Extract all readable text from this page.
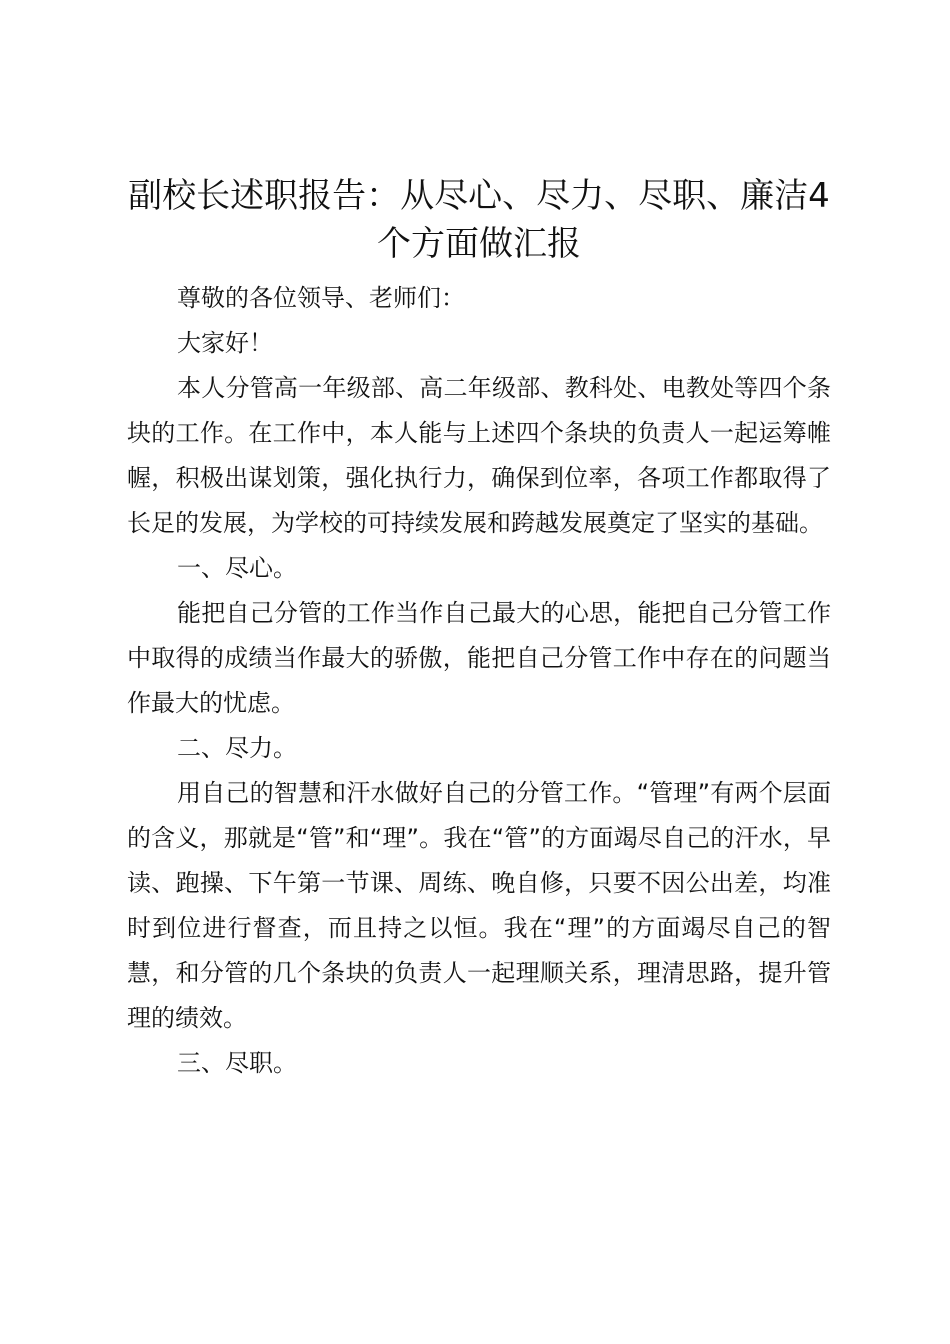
副校长述职报告：从尽心、尽力、尽职、廉洁4个方面做汇报

尊敬的各位领导、老师们：

大家好！

本人分管高一年级部、高二年级部、教科处、电教处等四个条块的工作。在工作中，本人能与上述四个条块的负责人一起运筹帷幄，积极出谋划策，强化执行力，确保到位率，各项工作都取得了长足的发展，为学校的可持续发展和跨越发展奠定了坚实的基础。

一、尽心。

能把自己分管的工作当作自己最大的心思，能把自己分管工作中取得的成绩当作最大的骄傲，能把自己分管工作中存在的问题当作最大的忧虑。

二、尽力。

用自己的智慧和汗水做好自己的分管工作。“管理”有两个层面的含义，那就是“管”和“理”。我在“管”的方面竭尽自己的汗水，早读、跑操、下午第一节课、周练、晚自修，只要不因公出差，均准时到位进行督查，而且持之以恒。我在“理”的方面竭尽自己的智慧，和分管的几个条块的负责人一起理顺关系，理清思路，提升管理的绩效。

三、尽职。
